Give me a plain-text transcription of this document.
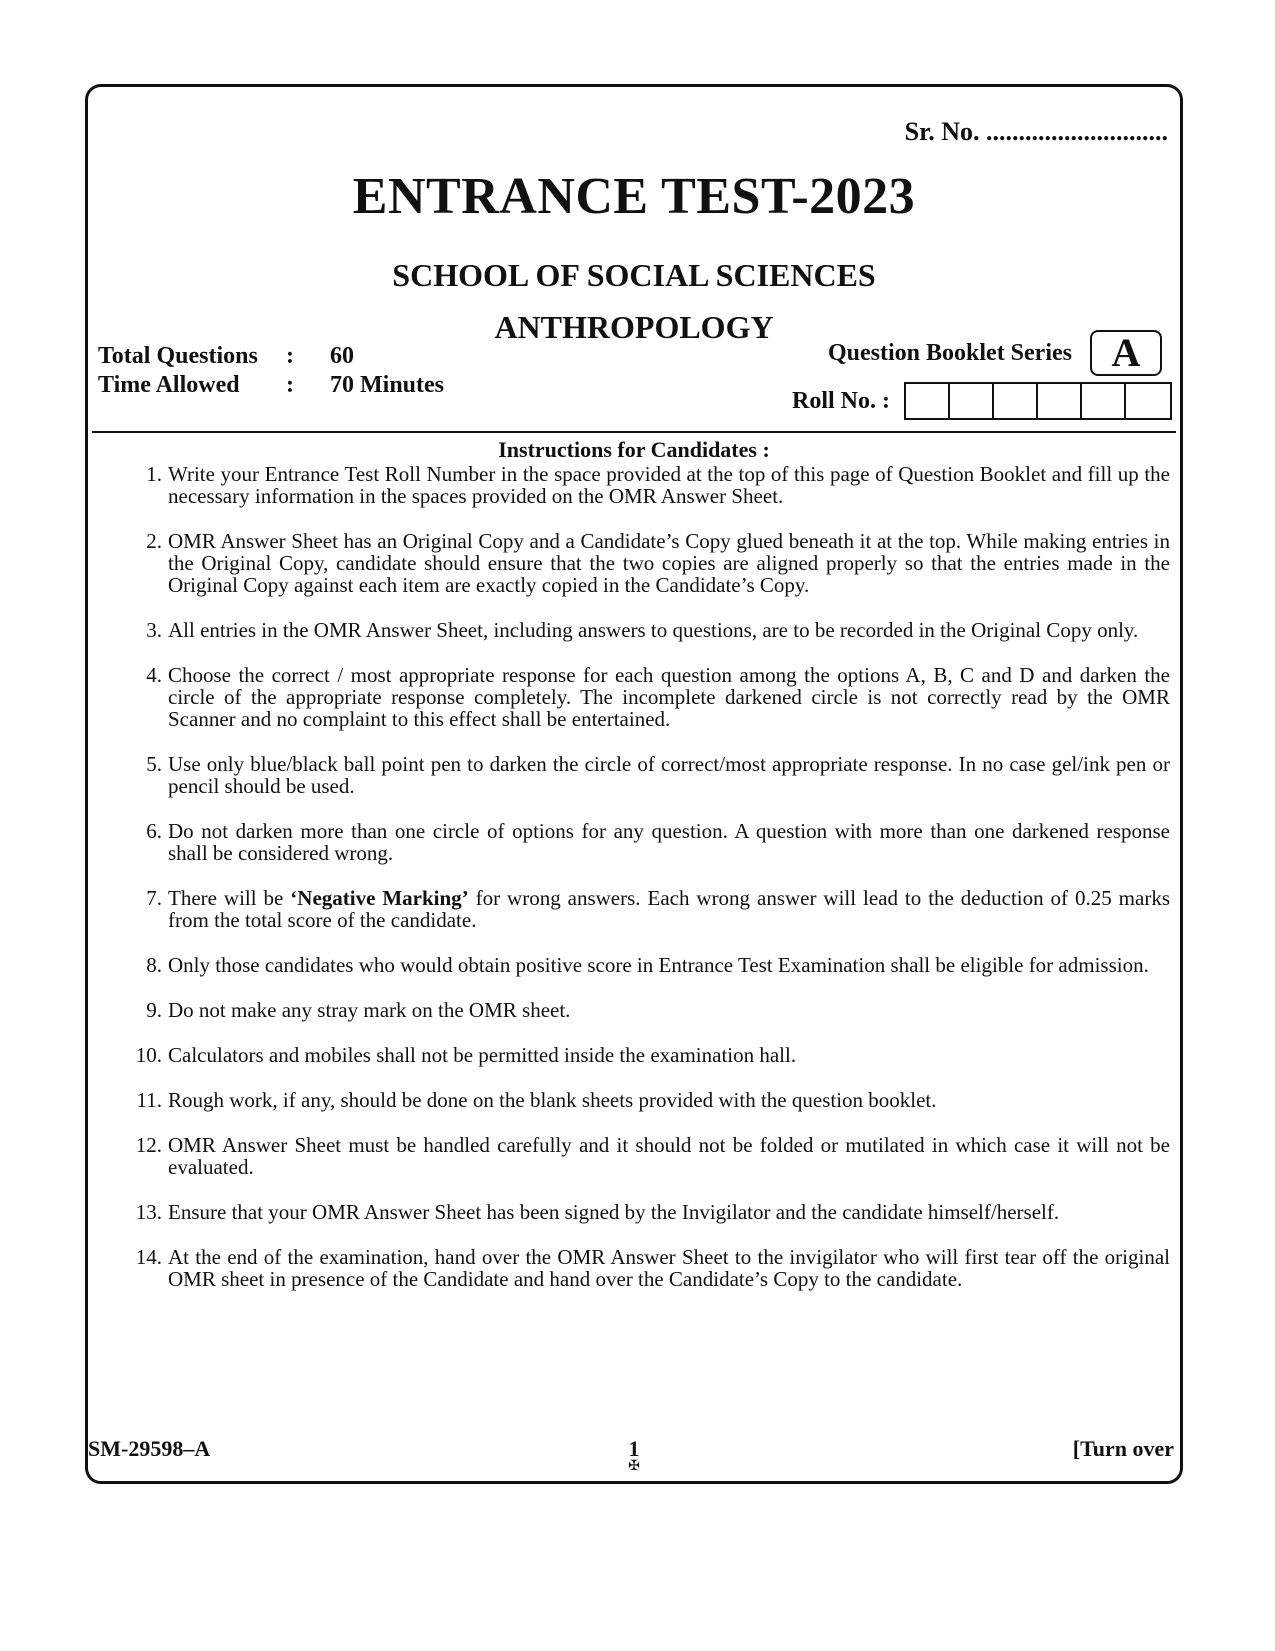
Sr. No. ............................
ENTRANCE TEST-2023
SCHOOL OF SOCIAL SCIENCES
ANTHROPOLOGY
Total Questions : 60
Time Allowed : 70 Minutes
Question Booklet Series A
Roll No. :
Instructions for Candidates :
1. Write your Entrance Test Roll Number in the space provided at the top of this page of Question Booklet and fill up the necessary information in the spaces provided on the OMR Answer Sheet.
2. OMR Answer Sheet has an Original Copy and a Candidate’s Copy glued beneath it at the top. While making entries in the Original Copy, candidate should ensure that the two copies are aligned properly so that the entries made in the Original Copy against each item are exactly copied in the Candidate’s Copy.
3. All entries in the OMR Answer Sheet, including answers to questions, are to be recorded in the Original Copy only.
4. Choose the correct / most appropriate response for each question among the options A, B, C and D and darken the circle of the appropriate response completely. The incomplete darkened circle is not correctly read by the OMR Scanner and no complaint to this effect shall be entertained.
5. Use only blue/black ball point pen to darken the circle of correct/most appropriate response. In no case gel/ink pen or pencil should be used.
6. Do not darken more than one circle of options for any question. A question with more than one darkened response shall be considered wrong.
7. There will be ‘Negative Marking’ for wrong answers. Each wrong answer will lead to the deduction of 0.25 marks from the total score of the candidate.
8. Only those candidates who would obtain positive score in Entrance Test Examination shall be eligible for admission.
9. Do not make any stray mark on the OMR sheet.
10. Calculators and mobiles shall not be permitted inside the examination hall.
11. Rough work, if any, should be done on the blank sheets provided with the question booklet.
12. OMR Answer Sheet must be handled carefully and it should not be folded or mutilated in which case it will not be evaluated.
13. Ensure that your OMR Answer Sheet has been signed by the Invigilator and the candidate himself/herself.
14. At the end of the examination, hand over the OMR Answer Sheet to the invigilator who will first tear off the original OMR sheet in presence of the Candidate and hand over the Candidate’s Copy to the candidate.
SM-29598–A	1	[Turn over
✠
